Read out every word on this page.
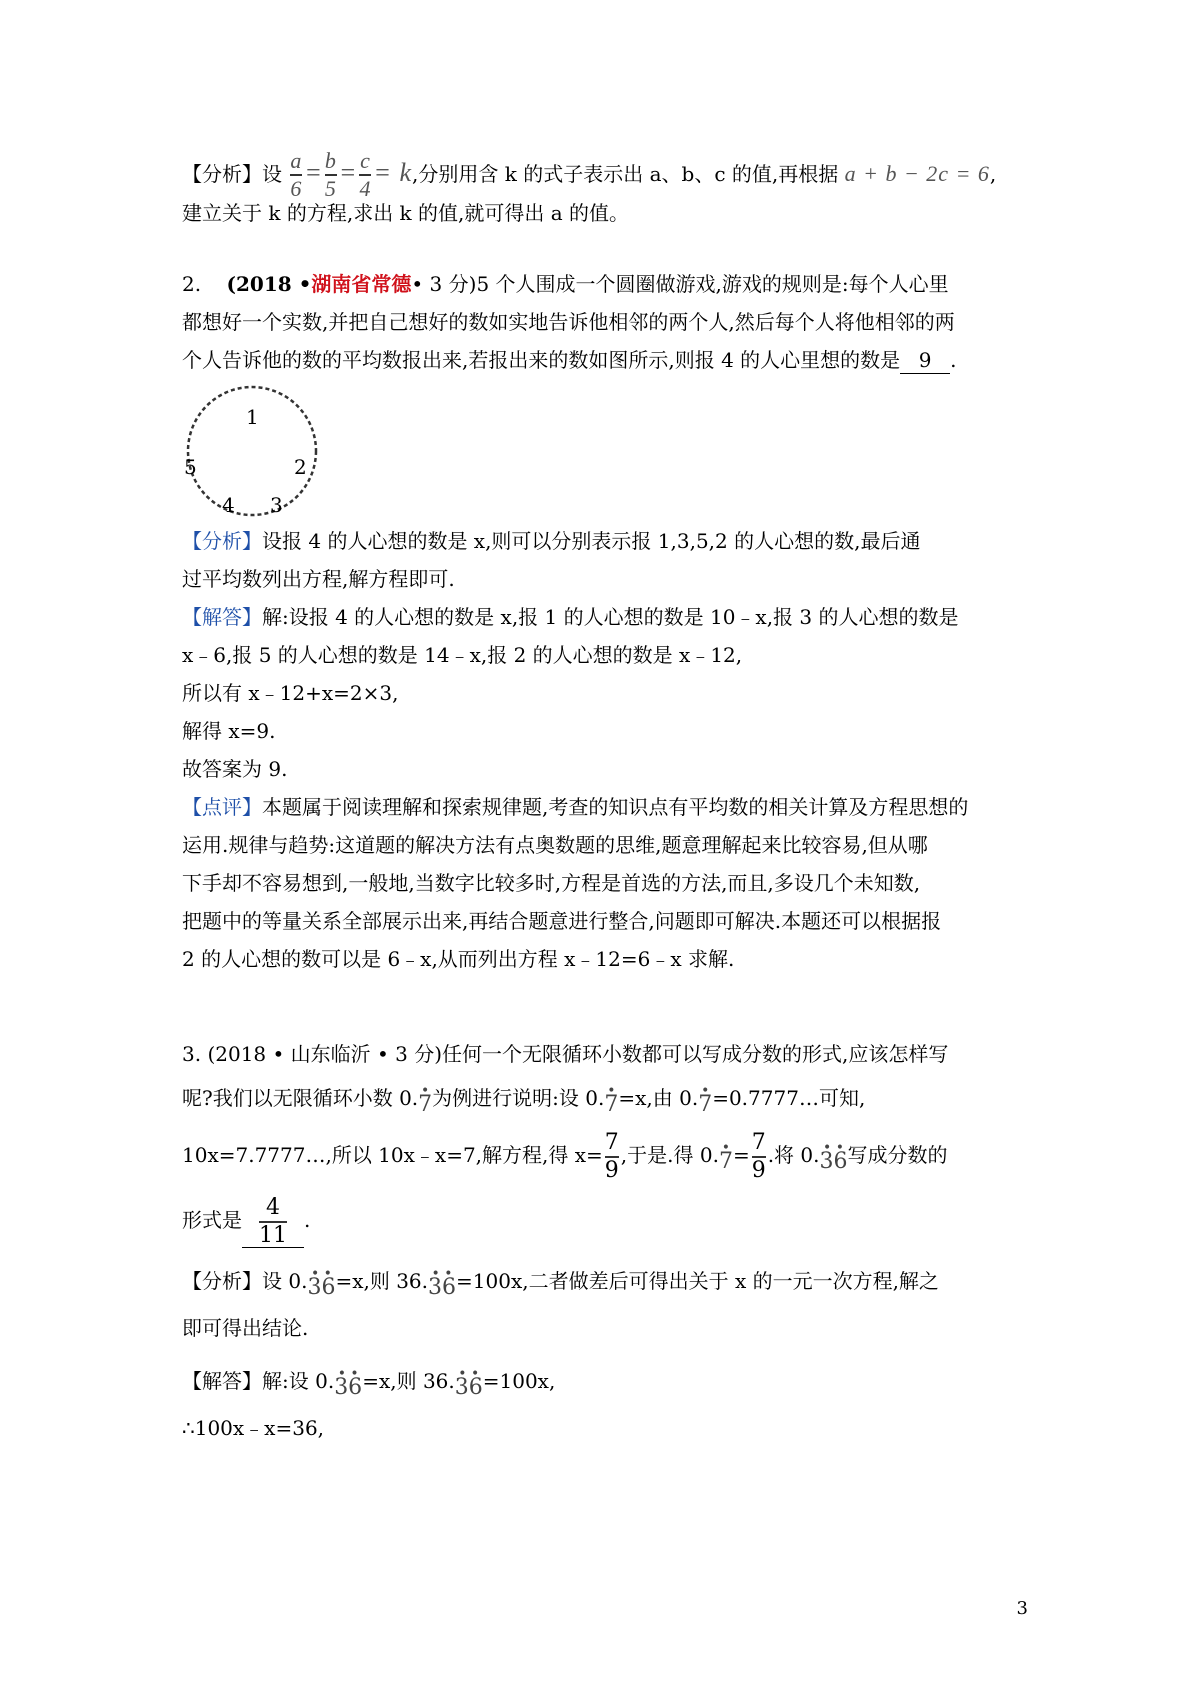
【分析】设 $\frac{a}{6} = \frac{b}{5} = \frac{c}{4} = k$,分别用含 k 的式子表示出 a、b、c 的值,再根据 a + b − 2c = 6,
建立关于 k 的方程,求出 k 的值,就可得出 a 的值。
2. (2018 •湖南省常德• 3 分)5 个人围成一个圆圈做游戏,游戏的规则是:每个人心里
都想好一个实数,并把自己想好的数如实地告诉他相邻的两个人,然后每个人将他相邻的两
个人告诉他的数的平均数报出来,若报出来的数如图所示,则报 4 的人心里想的数是 9 .
1
2
3
4
5
【分析】设报 4 的人心想的数是 x,则可以分别表示报 1,3,5,2 的人心想的数,最后通
过平均数列出方程,解方程即可.
【解答】解:设报 4 的人心想的数是 x,报 1 的人心想的数是 10﹣x,报 3 的人心想的数是
x﹣6,报 5 的人心想的数是 14﹣x,报 2 的人心想的数是 x﹣12,
所以有 x﹣12+x=2×3,
解得 x=9.
故答案为 9.
【点评】本题属于阅读理解和探索规律题,考查的知识点有平均数的相关计算及方程思想的
运用.规律与趋势:这道题的解决方法有点奥数题的思维,题意理解起来比较容易,但从哪
下手却不容易想到,一般地,当数字比较多时,方程是首选的方法,而且,多设几个未知数,
把题中的等量关系全部展示出来,再结合题意进行整合,问题即可解决.本题还可以根据报
2 的人心想的数可以是 6﹣x,从而列出方程 x﹣12=6﹣x 求解.
3. (2018 • 山东临沂 • 3 分)任何一个无限循环小数都可以写成分数的形式,应该怎样写
呢?我们以无限循环小数 0.• 7为例进行说明:设 0.• 7=x,由 0.• 7=0.7777…可知,
10x=7.7777…,所以 10x﹣x=7,解方程,得 $x= \frac{7}{9}$ ,于是.得 0.• $7= \frac{7}{9}$ .将 0.• • 36写成分数的
形式是 $\frac{4}{11}$ .
【分析】设 0.• • 36=x,则 36.• • 36=100x,二者做差后可得出关于 x 的一元一次方程,解之
即可得出结论.
【解答】解:设 0.• • 36=x,则 36.• • 36=100x,
∴100x﹣x=36,
3
